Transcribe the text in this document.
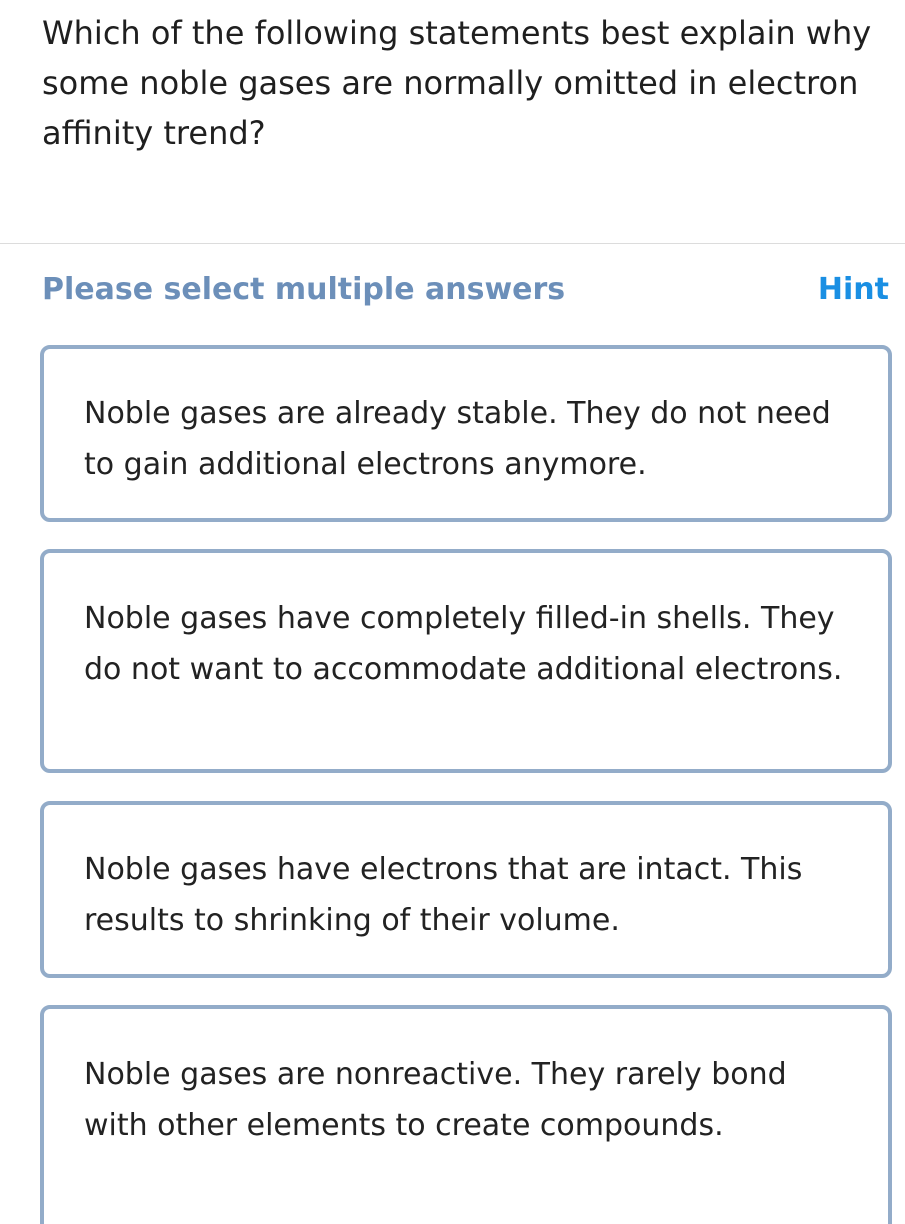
Which of the following statements best explain why some noble gases are normally omitted in electron affinity trend?

Please select multiple answers	Hint
Noble gases are already stable. They do not need to gain additional electrons anymore.
Noble gases have completely filled-in shells. They do not want to accommodate additional electrons.
Noble gases have electrons that are intact. This results to shrinking of their volume.
Noble gases are nonreactive. They rarely bond with other elements to create compounds.
